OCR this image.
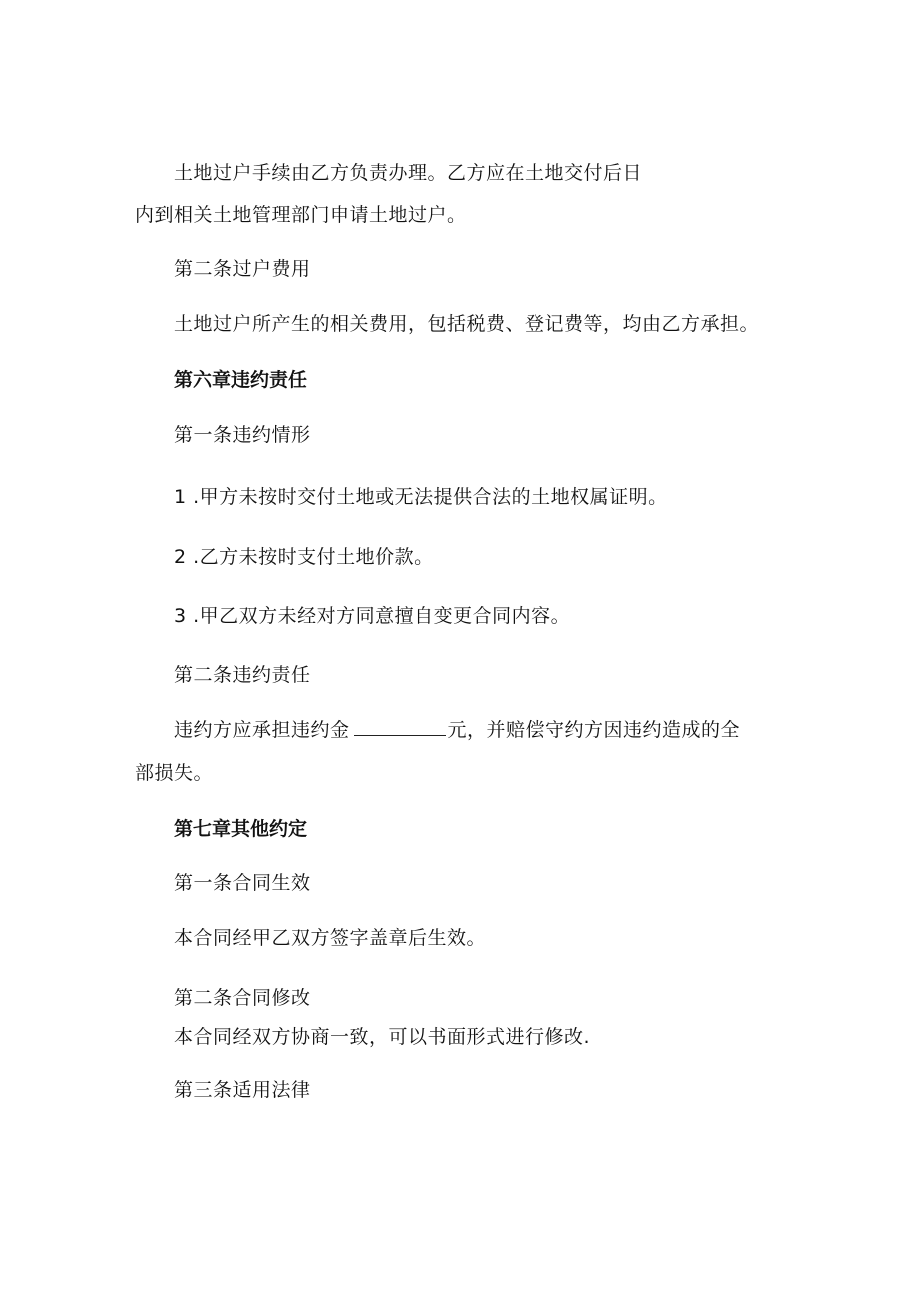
土地过户手续由乙方负责办理。乙方应在土地交付后日
内到相关土地管理部门申请土地过户。
第二条过户费用
土地过户所产生的相关费用，包括税费、登记费等，均由乙方承担。
第六章违约责任
第一条违约情形
1 .甲方未按时交付土地或无法提供合法的土地权属证明。
2 .乙方未按时支付土地价款。
3 .甲乙双方未经对方同意擅自变更合同内容。
第二条违约责任
违约方应承担违约金	元，并赔偿守约方因违约造成的全
部损失。
第七章其他约定
第一条合同生效
本合同经甲乙双方签字盖章后生效。
第二条合同修改
本合同经双方协商一致，可以书面形式进行修改.
第三条适用法律
